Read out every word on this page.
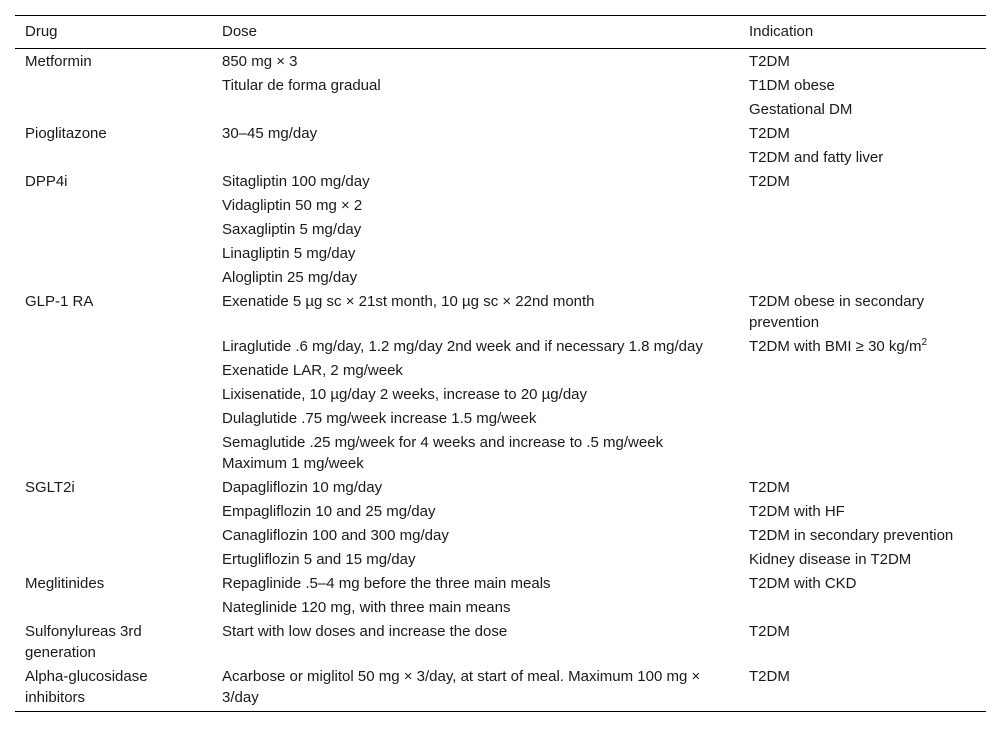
Drug	Dose	Indication
Metformin	850 mg × 3	T2DM
	Titular de forma gradual	T1DM obese
		Gestational DM
Pioglitazone	30–45 mg/day	T2DM
		T2DM and fatty liver
DPP4i	Sitagliptin 100 mg/day	T2DM
	Vidagliptin 50 mg × 2	
	Saxagliptin 5 mg/day	
	Linagliptin 5 mg/day	
	Alogliptin 25 mg/day	
GLP-1 RA	Exenatide 5 µg sc × 21st month, 10 µg sc × 22nd month	T2DM obese in secondary prevention
	Liraglutide .6 mg/day, 1.2 mg/day 2nd week and if necessary 1.8 mg/day	T2DM with BMI ≥ 30 $kg/m^2$
	Exenatide LAR, 2 mg/week	
	Lixisenatide, 10 µg/day 2 weeks, increase to 20 µg/day	
	Dulaglutide .75 mg/week increase 1.5 mg/week	
	Semaglutide .25 mg/week for 4 weeks and increase to .5 mg/week Maximum 1 mg/week	
SGLT2i	Dapagliflozin 10 mg/day	T2DM
	Empagliflozin 10 and 25 mg/day	T2DM with HF
	Canagliflozin 100 and 300 mg/day	T2DM in secondary prevention
	Ertugliflozin 5 and 15 mg/day	Kidney disease in T2DM
Meglitinides	Repaglinide .5–4 mg before the three main meals	T2DM with CKD
	Nateglinide 120 mg, with three main means	
Sulfonylureas 3rd generation	Start with low doses and increase the dose	T2DM
Alpha-glucosidase inhibitors	Acarbose or miglitol 50 mg × 3/day, at start of meal. Maximum 100 mg × 3/day	T2DM
